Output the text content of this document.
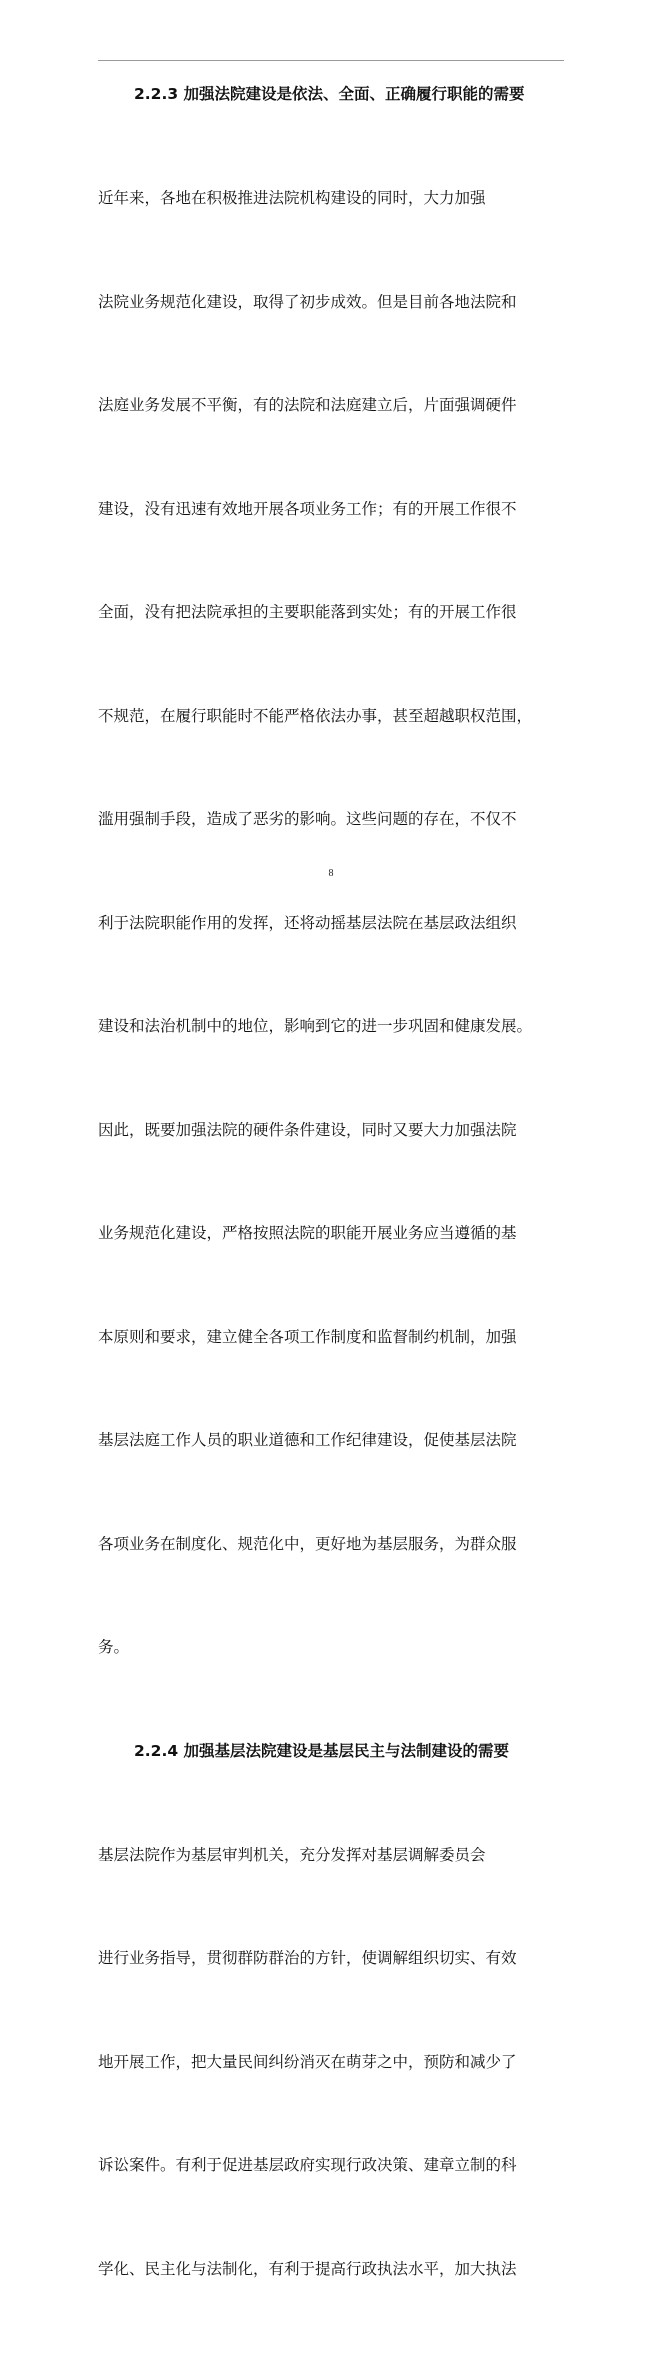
2.2.3 加强法院建设是依法、全面、正确履行职能的需要

近年来，各地在积极推进法院机构建设的同时，大力加强

法院业务规范化建设，取得了初步成效。但是目前各地法院和

法庭业务发展不平衡，有的法院和法庭建立后，片面强调硬件

建设，没有迅速有效地开展各项业务工作；有的开展工作很不

全面，没有把法院承担的主要职能落到实处；有的开展工作很

不规范，在履行职能时不能严格依法办事，甚至超越职权范围，

滥用强制手段，造成了恶劣的影响。这些问题的存在，不仅不

利于法院职能作用的发挥，还将动摇基层法院在基层政法组织

建设和法治机制中的地位，影响到它的进一步巩固和健康发展。

因此，既要加强法院的硬件条件建设，同时又要大力加强法院

业务规范化建设，严格按照法院的职能开展业务应当遵循的基

本原则和要求，建立健全各项工作制度和监督制约机制，加强

基层法庭工作人员的职业道德和工作纪律建设，促使基层法院

各项业务在制度化、规范化中，更好地为基层服务，为群众服

务。

2.2.4 加强基层法院建设是基层民主与法制建设的需要

基层法院作为基层审判机关，充分发挥对基层调解委员会

进行业务指导，贯彻群防群治的方针，使调解组织切实、有效

地开展工作，把大量民间纠纷消灭在萌芽之中，预防和减少了

诉讼案件。有利于促进基层政府实现行政决策、建章立制的科

学化、民主化与法制化，有利于提高行政执法水平，加大执法

8
